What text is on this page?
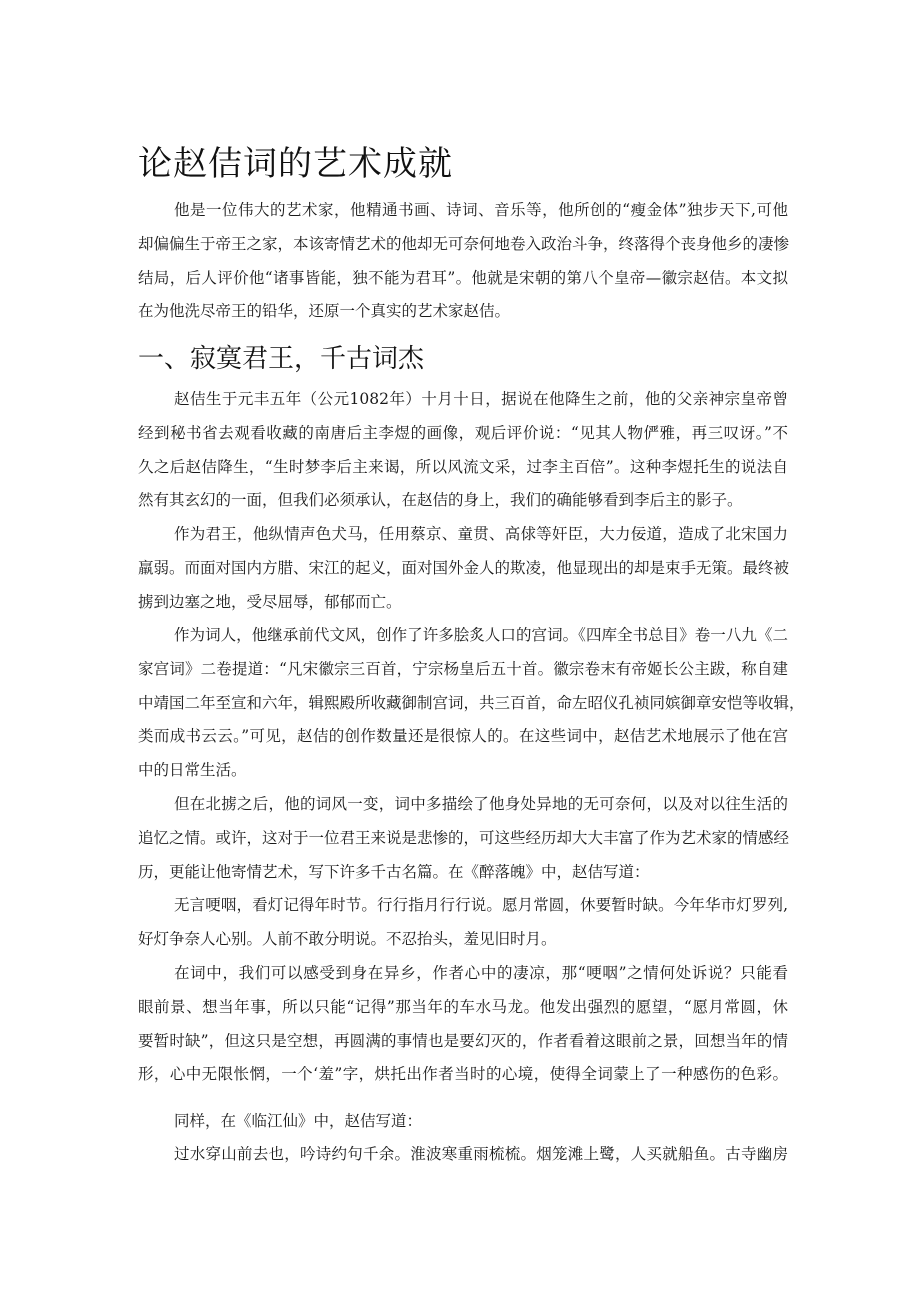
论赵佶词的艺术成就
他是一位伟大的艺术家，他精通书画、诗词、音乐等，他所创的“瘦金体”独步天下,可他
却偏偏生于帝王之家，本该寄情艺术的他却无可奈何地卷入政治斗争，终落得个丧身他乡的凄惨
结局，后人评价他“诸事皆能，独不能为君耳”。他就是宋朝的第八个皇帝—徽宗赵佶。本文拟
在为他洗尽帝王的铅华，还原一个真实的艺术家赵佶。
一、寂寞君王，千古词杰
赵佶生于元丰五年（公元1082年）十月十日，据说在他降生之前，他的父亲神宗皇帝曾
经到秘书省去观看收藏的南唐后主李煜的画像，观后评价说：“见其人物俨雅，再三叹讶。”不
久之后赵佶降生，“生时梦李后主来谒，所以风流文采，过李主百倍”。这种李煜托生的说法自
然有其玄幻的一面，但我们必须承认，在赵佶的身上，我们的确能够看到李后主的影子。
作为君王，他纵情声色犬马，任用蔡京、童贯、高俅等奸臣，大力佞道，造成了北宋国力
羸弱。而面对国内方腊、宋江的起义，面对国外金人的欺凌，他显现出的却是束手无策。最终被
掳到边塞之地，受尽屈辱，郁郁而亡。
作为词人，他继承前代文风，创作了许多脍炙人口的宫词。《四库全书总目》卷一八九《二
家宫词》二卷提道：“凡宋徽宗三百首，宁宗杨皇后五十首。徽宗卷末有帝姬长公主跋，称自建
中靖国二年至宣和六年，辑熙殿所收藏御制宫词，共三百首，命左昭仪孔祯同嫔御章安恺等收辑，
类而成书云云。”可见，赵佶的创作数量还是很惊人的。在这些词中，赵佶艺术地展示了他在宫
中的日常生活。
但在北掳之后，他的词风一变，词中多描绘了他身处异地的无可奈何，以及对以往生活的
追忆之情。或许，这对于一位君王来说是悲惨的，可这些经历却大大丰富了作为艺术家的情感经
历，更能让他寄情艺术，写下许多千古名篇。在《醉落魄》中，赵佶写道：
无言哽咽，看灯记得年时节。行行指月行行说。愿月常圆，休要暂时缺。今年华市灯罗列,
好灯争奈人心别。人前不敢分明说。不忍抬头，羞见旧时月。
在词中，我们可以感受到身在异乡，作者心中的凄凉，那“哽咽”之情何处诉说？只能看
眼前景、想当年事，所以只能“记得”那当年的车水马龙。他发出强烈的愿望，“愿月常圆，休
要暂时缺”，但这只是空想，再圆满的事情也是要幻灭的，作者看着这眼前之景，回想当年的情
形，心中无限怅惘，一个‘羞”字，烘托出作者当时的心境，使得全词蒙上了一种感伤的色彩。
同样，在《临江仙》中，赵佶写道：
过水穿山前去也，吟诗约句千余。淮波寒重雨梳梳。烟笼滩上鹭，人买就船鱼。古寺幽房
